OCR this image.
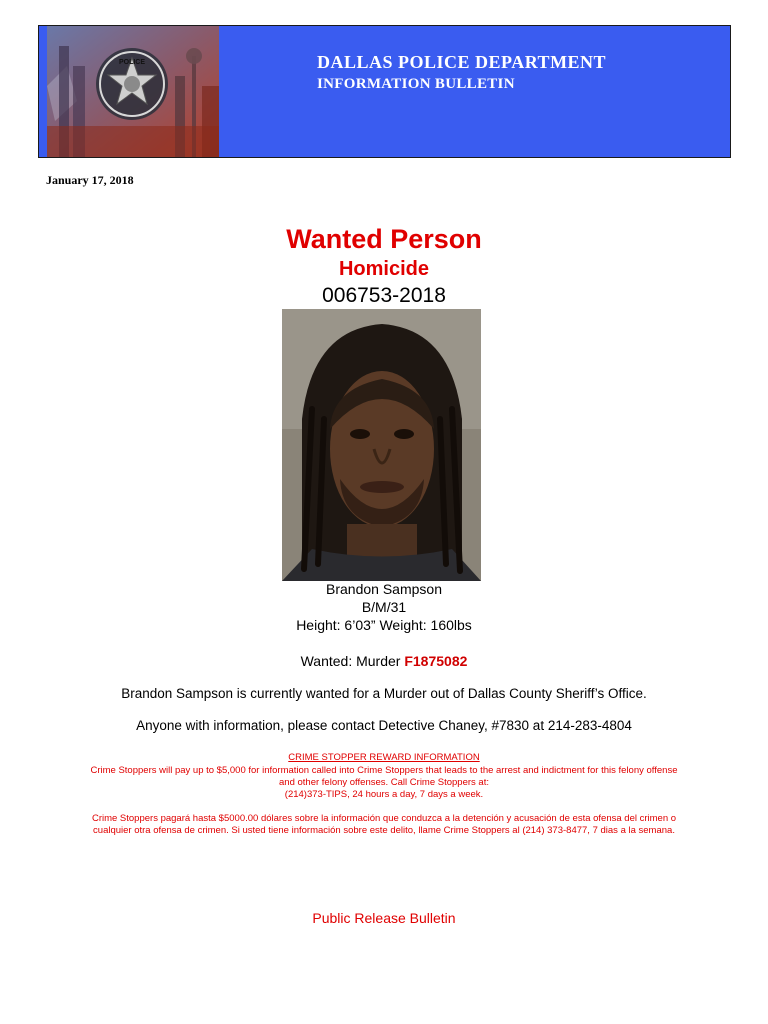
POLICE	DALLAS POLICE DEPARTMENT
INFORMATION BULLETIN
January 17, 2018
Wanted Person
Homicide
006753-2018
Brandon Sampson
B/M/31
Height: 6’03” Weight: 160lbs
Wanted: Murder F1875082
Brandon Sampson is currently wanted for a Murder out of Dallas County Sheriff’s Office.
Anyone with information, please contact Detective Chaney, #7830 at 214-283-4804
CRIME STOPPER REWARD INFORMATION
Crime Stoppers will pay up to $5,000 for information called into Crime Stoppers that leads to the arrest and indictment for this felony offense
and other felony offenses. Call Crime Stoppers at:
(214)373-TIPS, 24 hours a day, 7 days a week.
Crime Stoppers pagará hasta $5000.00 dólares sobre la información que conduzca a la detención y acusación de esta ofensa del crimen o
cualquier otra ofensa de crimen. Si usted tiene información sobre este delito, llame Crime Stoppers al (214) 373-8477, 7 dias a la semana.
Public Release Bulletin
